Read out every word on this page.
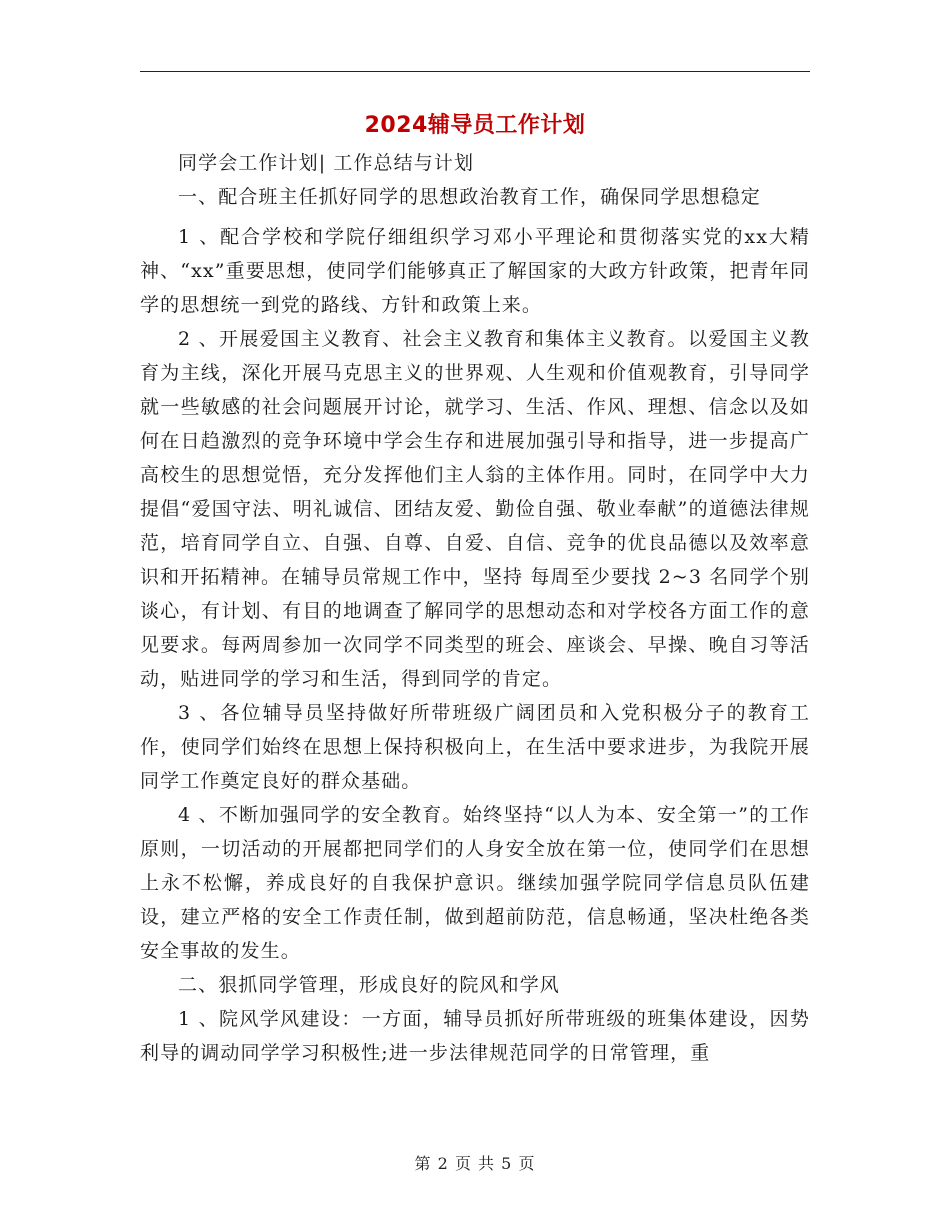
2024辅导员工作计划

同学会工作计划| 工作总结与计划

一、配合班主任抓好同学的思想政治教育工作，确保同学思想稳定

1 、配合学校和学院仔细组织学习邓小平理论和贯彻落实党的xx大精神、“xx”重要思想，使同学们能够真正了解国家的大政方针政策，把青年同学的思想统一到党的路线、方针和政策上来。

2 、开展爱国主义教育、社会主义教育和集体主义教育。以爱国主义教育为主线，深化开展马克思主义的世界观、人生观和价值观教育，引导同学就一些敏感的社会问题展开讨论，就学习、生活、作风、理想、信念以及如何在日趋激烈的竞争环境中学会生存和进展加强引导和指导，进一步提高广高校生的思想觉悟，充分发挥他们主人翁的主体作用。同时，在同学中大力提倡“爱国守法、明礼诚信、团结友爱、勤俭自强、敬业奉献”的道德法律规范，培育同学自立、自强、自尊、自爱、自信、竞争的优良品德以及效率意识和开拓精神。在辅导员常规工作中，坚持 每周至少要找 2~3 名同学个别谈心，有计划、有目的地调查了解同学的思想动态和对学校各方面工作的意见要求。每两周参加一次同学不同类型的班会、座谈会、早操、晚自习等活动，贴进同学的学习和生活，得到同学的肯定。

3 、各位辅导员坚持做好所带班级广阔团员和入党积极分子的教育工作，使同学们始终在思想上保持积极向上，在生活中要求进步，为我院开展同学工作奠定良好的群众基础。

4 、不断加强同学的安全教育。始终坚持“以人为本、安全第一”的工作原则，一切活动的开展都把同学们的人身安全放在第一位，使同学们在思想上永不松懈，养成良好的自我保护意识。继续加强学院同学信息员队伍建设，建立严格的安全工作责任制，做到超前防范，信息畅通，坚决杜绝各类安全事故的发生。

二、狠抓同学管理，形成良好的院风和学风

1 、院风学风建设：一方面，辅导员抓好所带班级的班集体建设，因势利导的调动同学学习积极性;进一步法律规范同学的日常管理，重

第 2 页 共 5 页
